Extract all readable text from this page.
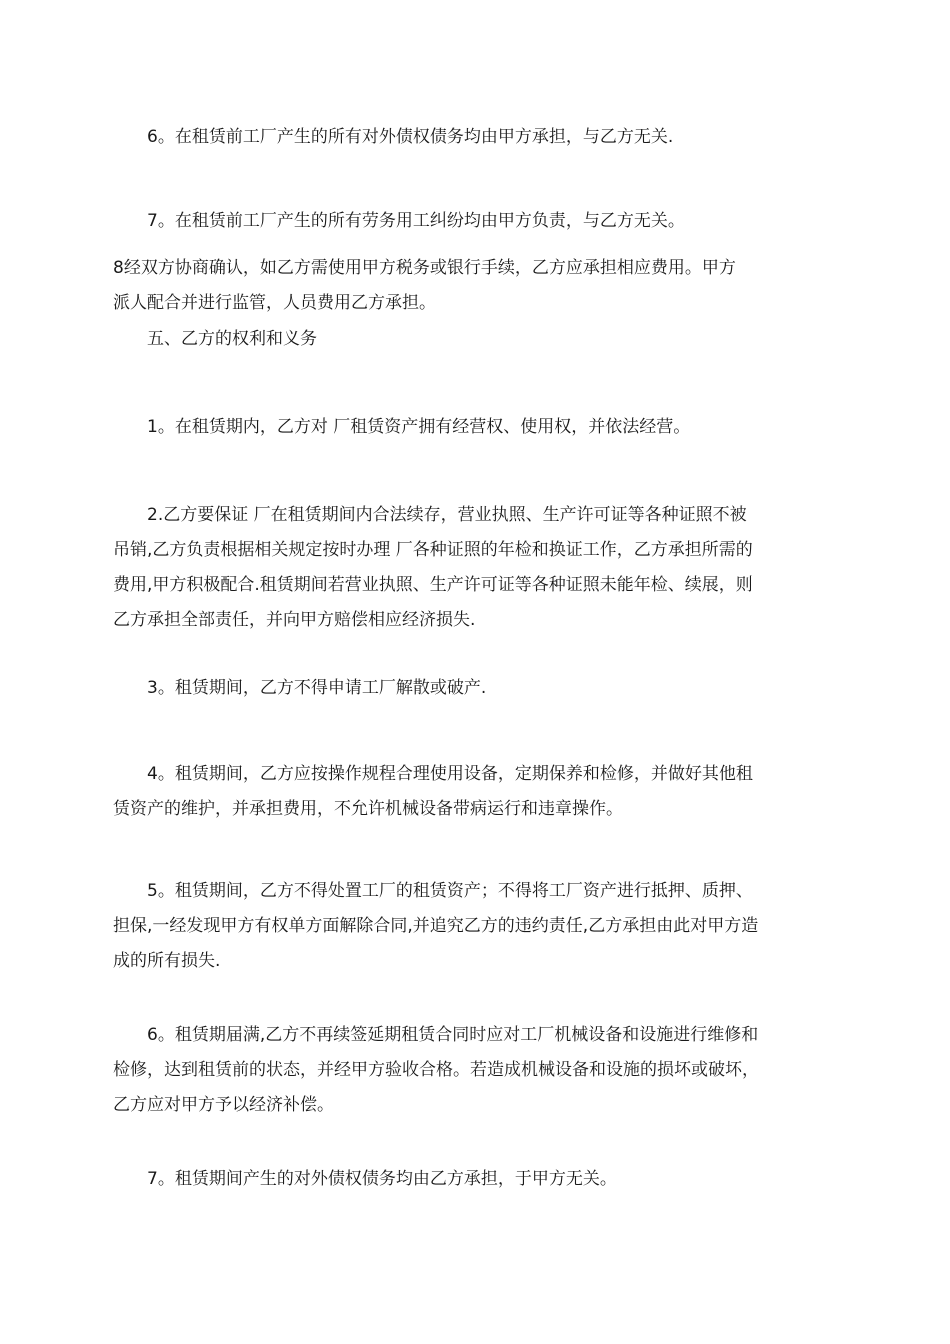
　　6。在租赁前工厂产生的所有对外债权债务均由甲方承担，与乙方无关.

　　7。在租赁前工厂产生的所有劳务用工纠纷均由甲方负责，与乙方无关。

8经双方协商确认，如乙方需使用甲方税务或银行手续，乙方应承担相应费用。甲方
派人配合并进行监管，人员费用乙方承担。

　　五、乙方的权利和义务

　　1。在租赁期内，乙方对 厂租赁资产拥有经营权、使用权，并依法经营。

　　2.乙方要保证 厂在租赁期间内合法续存，营业执照、生产许可证等各种证照不被
吊销,乙方负责根据相关规定按时办理 厂各种证照的年检和换证工作，乙方承担所需的
费用,甲方积极配合.租赁期间若营业执照、生产许可证等各种证照未能年检、续展，则
乙方承担全部责任，并向甲方赔偿相应经济损失.

　　3。租赁期间，乙方不得申请工厂解散或破产.

　　4。租赁期间，乙方应按操作规程合理使用设备，定期保养和检修，并做好其他租
赁资产的维护，并承担费用，不允许机械设备带病运行和违章操作。

　　5。租赁期间，乙方不得处置工厂的租赁资产；不得将工厂资产进行抵押、质押、
担保,一经发现甲方有权单方面解除合同,并追究乙方的违约责任,乙方承担由此对甲方造
成的所有损失.

　　6。租赁期届满,乙方不再续签延期租赁合同时应对工厂机械设备和设施进行维修和
检修，达到租赁前的状态，并经甲方验收合格。若造成机械设备和设施的损坏或破坏，
乙方应对甲方予以经济补偿。

　　7。租赁期间产生的对外债权债务均由乙方承担，于甲方无关。
